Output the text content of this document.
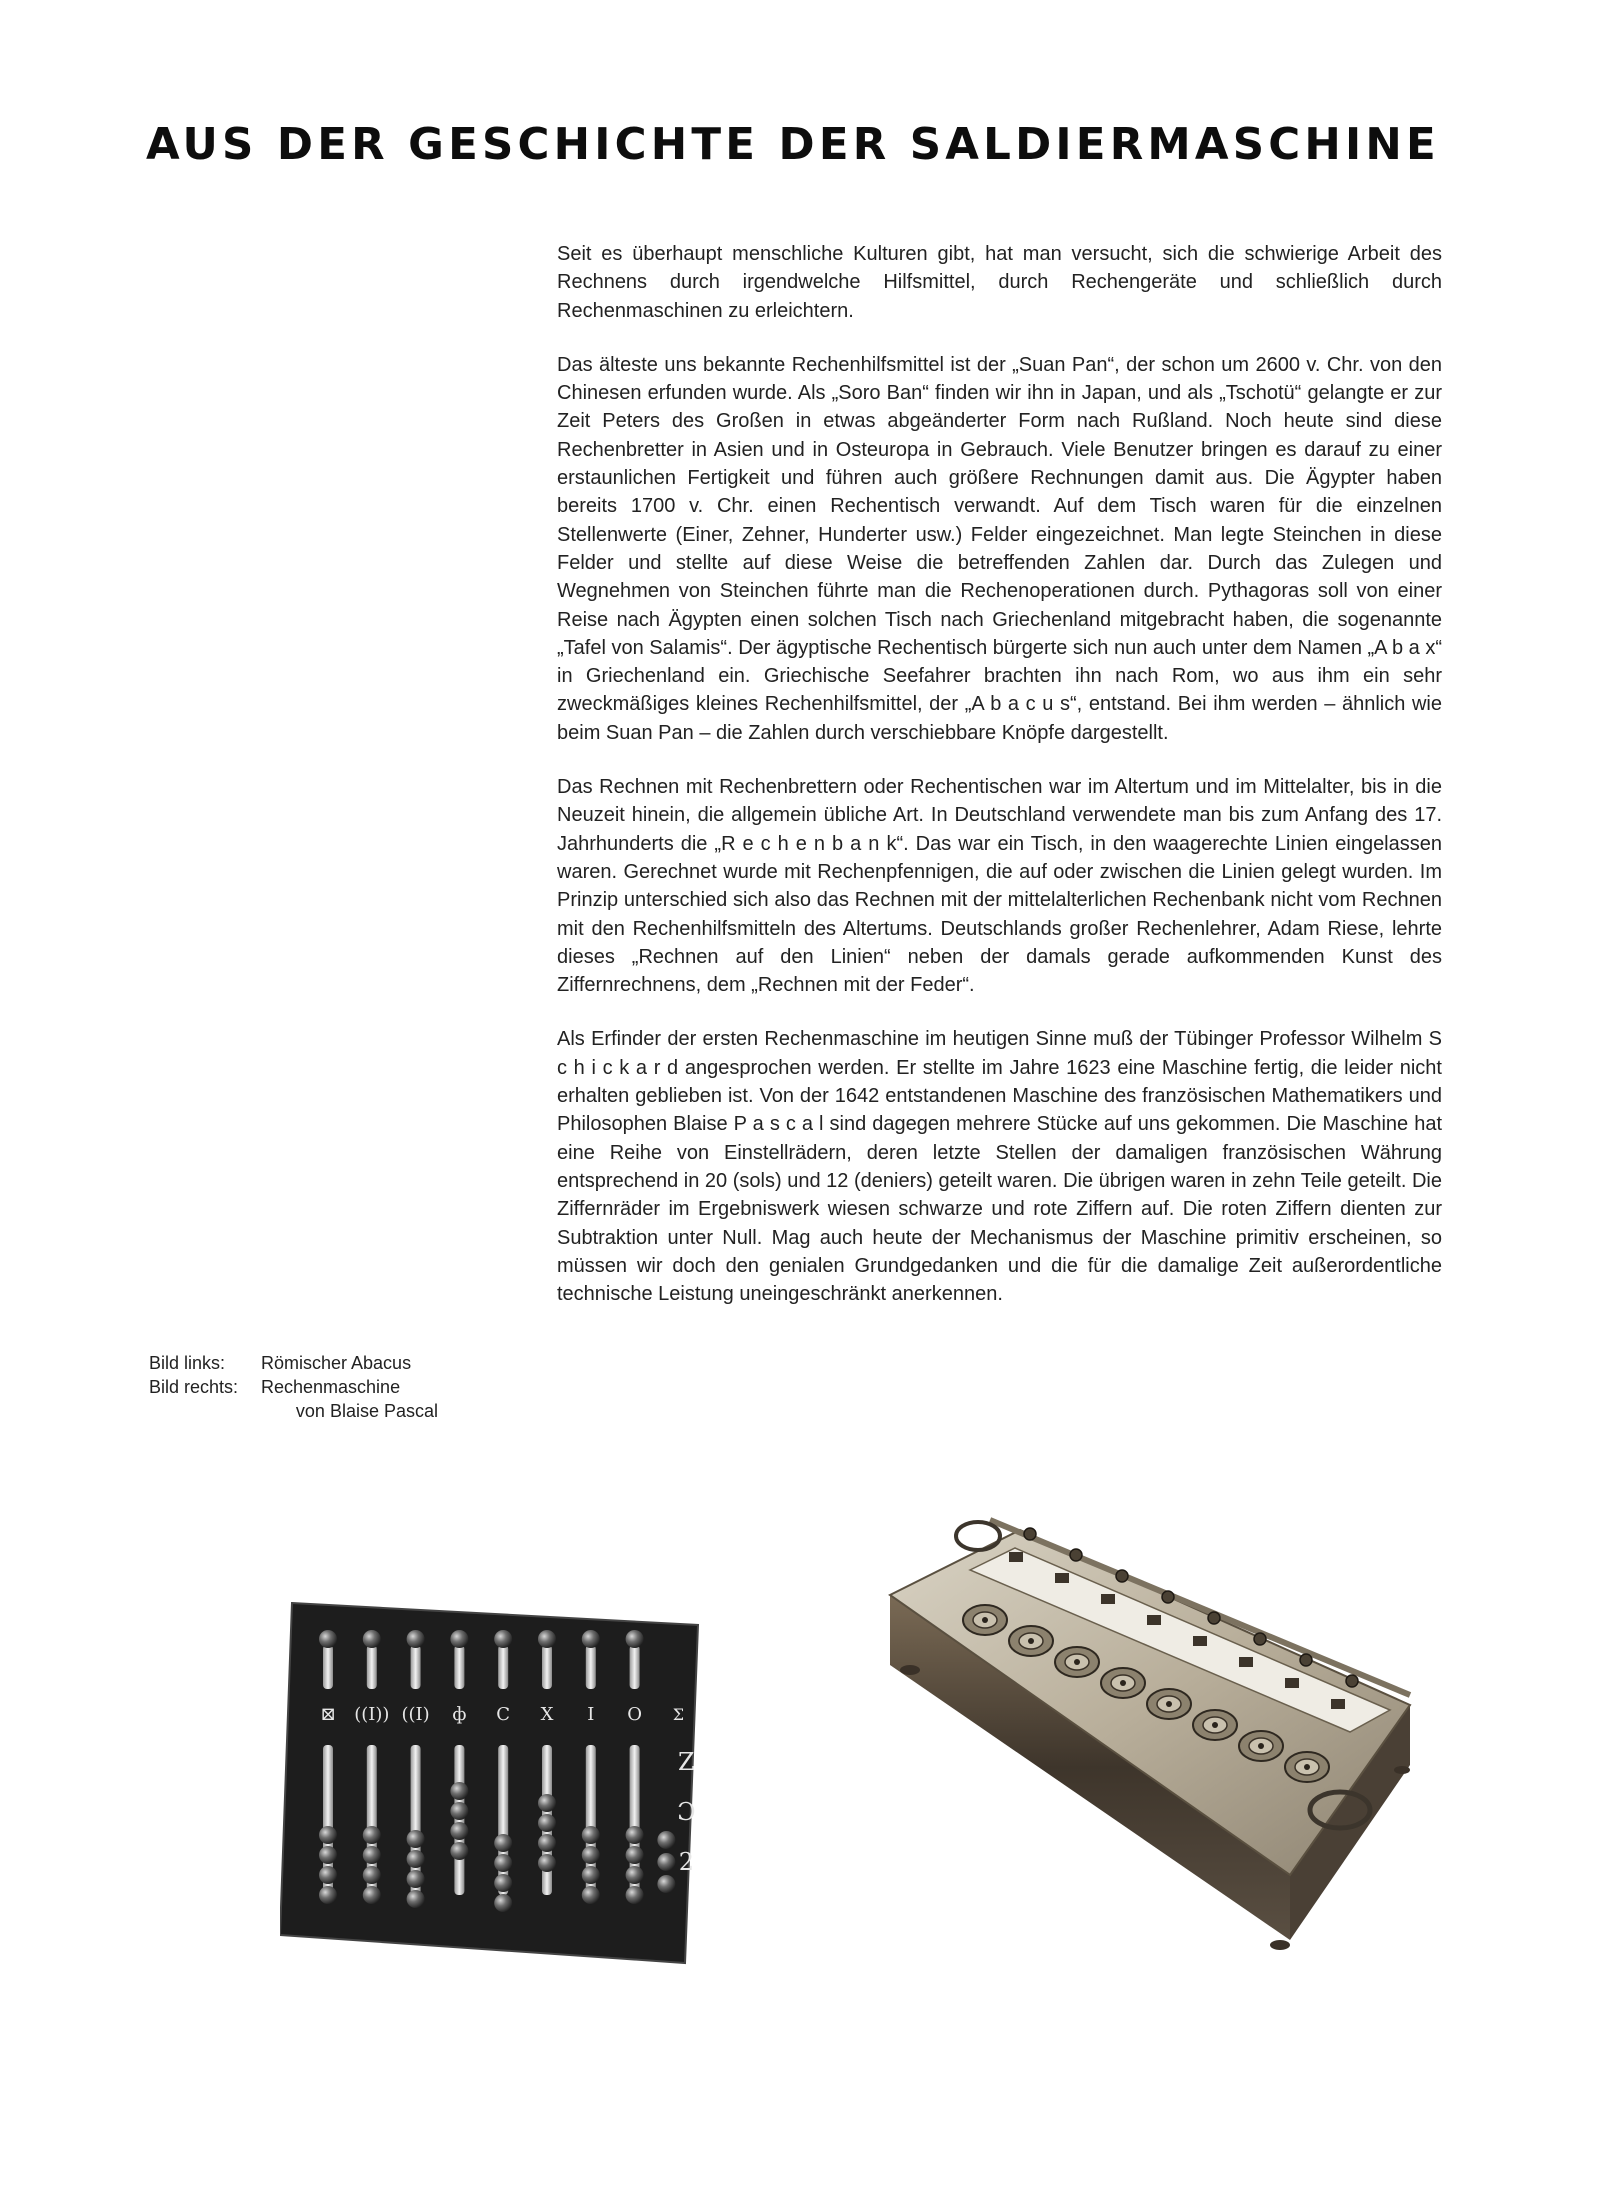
AUS DER GESCHICHTE DER SALDIERMASCHINE

Seit es überhaupt menschliche Kulturen gibt, hat man versucht, sich die schwierige Arbeit des Rechnens durch irgendwelche Hilfsmittel, durch Rechengeräte und schließlich durch Rechenmaschinen zu erleichtern.

Das älteste uns bekannte Rechenhilfsmittel ist der „Suan Pan“, der schon um 2600 v. Chr. von den Chinesen erfunden wurde. Als „Soro Ban“ finden wir ihn in Japan, und als „Tschotü“ gelangte er zur Zeit Peters des Großen in etwas abgeänderter Form nach Rußland. Noch heute sind diese Rechenbretter in Asien und in Osteuropa in Gebrauch. Viele Benutzer bringen es darauf zu einer erstaunlichen Fertigkeit und führen auch größere Rechnungen damit aus. Die Ägypter haben bereits 1700 v. Chr. einen Rechentisch verwandt. Auf dem Tisch waren für die einzelnen Stellenwerte (Einer, Zehner, Hunderter usw.) Felder eingezeichnet. Man legte Steinchen in diese Felder und stellte auf diese Weise die betreffenden Zahlen dar. Durch das Zulegen und Wegnehmen von Steinchen führte man die Rechenoperationen durch. Pythagoras soll von einer Reise nach Ägypten einen solchen Tisch nach Griechenland mitgebracht haben, die sogenannte „Tafel von Salamis“. Der ägyptische Rechentisch bürgerte sich nun auch unter dem Namen „A b a x“ in Griechenland ein. Griechische Seefahrer brachten ihn nach Rom, wo aus ihm ein sehr zweckmäßiges kleines Rechenhilfsmittel, der „A b a c u s“, entstand. Bei ihm werden – ähnlich wie beim Suan Pan – die Zahlen durch verschiebbare Knöpfe dargestellt.

Das Rechnen mit Rechenbrettern oder Rechentischen war im Altertum und im Mittelalter, bis in die Neuzeit hinein, die allgemein übliche Art. In Deutschland verwendete man bis zum Anfang des 17. Jahrhunderts die „R e c h e n b a n k“. Das war ein Tisch, in den waagerechte Linien eingelassen waren. Gerechnet wurde mit Rechenpfennigen, die auf oder zwischen die Linien gelegt wurden. Im Prinzip unterschied sich also das Rechnen mit der mittelalterlichen Rechenbank nicht vom Rechnen mit den Rechenhilfsmitteln des Altertums. Deutschlands großer Rechenlehrer, Adam Riese, lehrte dieses „Rechnen auf den Linien“ neben der damals gerade aufkommenden Kunst des Ziffernrechnens, dem „Rechnen mit der Feder“.

Als Erfinder der ersten Rechenmaschine im heutigen Sinne muß der Tübinger Professor Wilhelm S c h i c k a r d angesprochen werden. Er stellte im Jahre 1623 eine Maschine fertig, die leider nicht erhalten geblieben ist. Von der 1642 entstandenen Maschine des französischen Mathematikers und Philosophen Blaise P a s c a l sind dagegen mehrere Stücke auf uns gekommen. Die Maschine hat eine Reihe von Einstellrädern, deren letzte Stellen der damaligen französischen Währung entsprechend in 20 (sols) und 12 (deniers) geteilt waren. Die übrigen waren in zehn Teile geteilt. Die Ziffernräder im Ergebniswerk wiesen schwarze und rote Ziffern auf. Die roten Ziffern dienten zur Subtraktion unter Null. Mag auch heute der Mechanismus der Maschine primitiv erscheinen, so müssen wir doch den genialen Grundgedanken und die für die damalige Zeit außerordentliche technische Leistung uneingeschränkt anerkennen.

Bild links:	Römischer Abacus
Bild rechts:	Rechenmaschine
von Blaise Pascal
⊠ ((I)) ((I) ф C X I O Σ
Z
Ɔ
2
